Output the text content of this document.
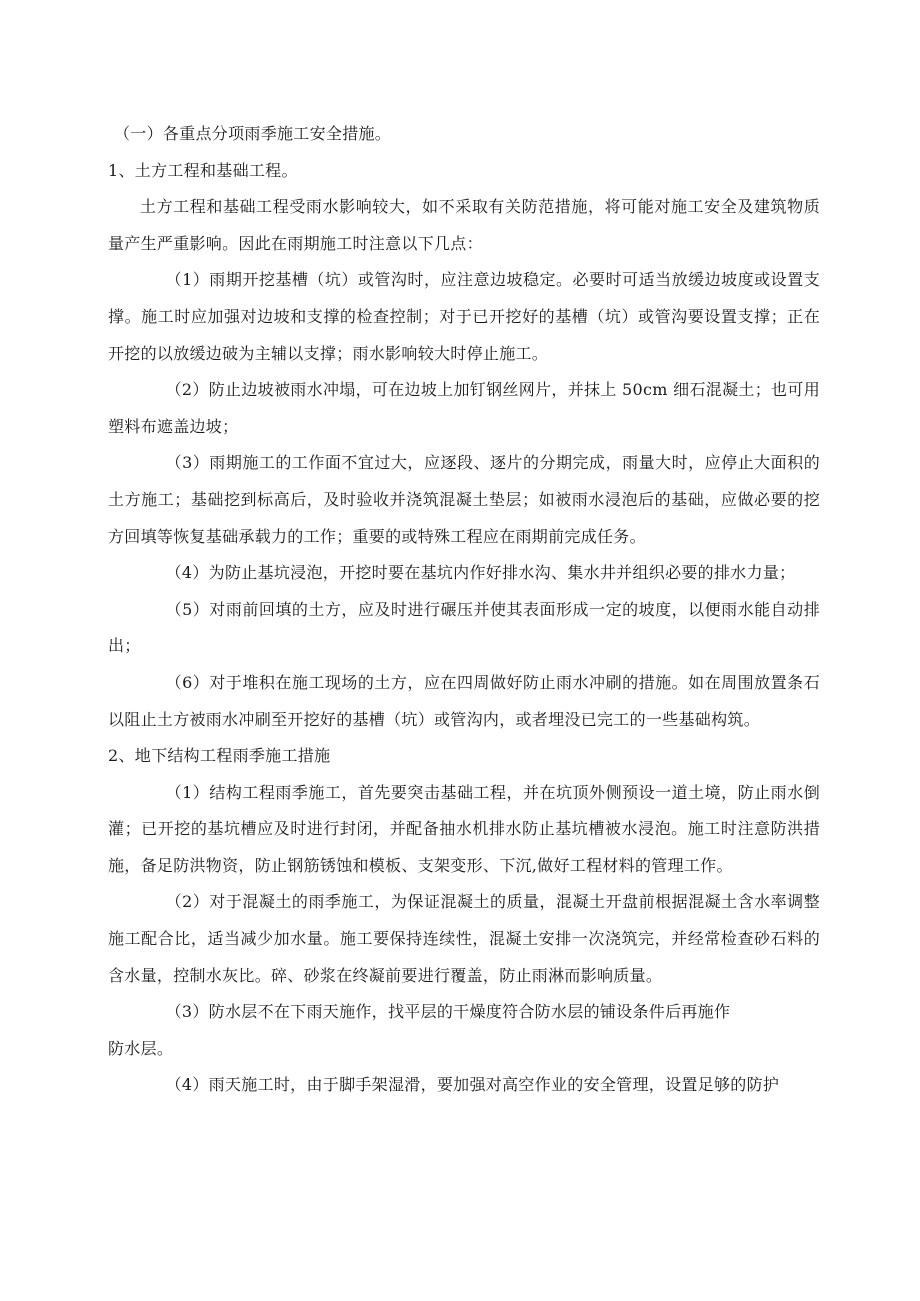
（一）各重点分项雨季施工安全措施。

1、土方工程和基础工程。

土方工程和基础工程受雨水影响较大，如不采取有关防范措施，将可能对施工安全及建筑物质量产生严重影响。因此在雨期施工时注意以下几点：

（1）雨期开挖基槽（坑）或管沟时，应注意边坡稳定。必要时可适当放缓边坡度或设置支撑。施工时应加强对边坡和支撑的检查控制；对于已开挖好的基槽（坑）或管沟要设置支撑；正在开挖的以放缓边破为主辅以支撑；雨水影响较大时停止施工。

（2）防止边坡被雨水冲塌，可在边坡上加钉钢丝网片，并抹上 50cm 细石混凝土；也可用塑料布遮盖边坡；

（3）雨期施工的工作面不宜过大，应逐段、逐片的分期完成，雨量大时，应停止大面积的土方施工；基础挖到标高后，及时验收并浇筑混凝土垫层；如被雨水浸泡后的基础，应做必要的挖方回填等恢复基础承载力的工作；重要的或特殊工程应在雨期前完成任务。

（4）为防止基坑浸泡，开挖时要在基坑内作好排水沟、集水井并组织必要的排水力量；

（5）对雨前回填的土方，应及时进行碾压并使其表面形成一定的坡度，以便雨水能自动排出；

（6）对于堆积在施工现场的土方，应在四周做好防止雨水冲刷的措施。如在周围放置条石以阻止土方被雨水冲刷至开挖好的基槽（坑）或管沟内，或者埋没已完工的一些基础构筑。

2、地下结构工程雨季施工措施

（1）结构工程雨季施工，首先要突击基础工程，并在坑顶外侧预设一道土境，防止雨水倒灌；已开挖的基坑槽应及时进行封闭，并配备抽水机排水防止基坑槽被水浸泡。施工时注意防洪措施，备足防洪物资，防止钢筋锈蚀和模板、支架变形、下沉,做好工程材料的管理工作。

（2）对于混凝土的雨季施工，为保证混凝土的质量，混凝土开盘前根据混凝土含水率调整施工配合比，适当减少加水量。施工要保持连续性，混凝土安排一次浇筑完，并经常检查砂石料的含水量，控制水灰比。碎、砂浆在终凝前要进行覆盖，防止雨淋而影响质量。

（3）防水层不在下雨天施作，找平层的干燥度符合防水层的铺设条件后再施作

防水层。

（4）雨天施工时，由于脚手架湿滑，要加强对高空作业的安全管理，设置足够的防护
